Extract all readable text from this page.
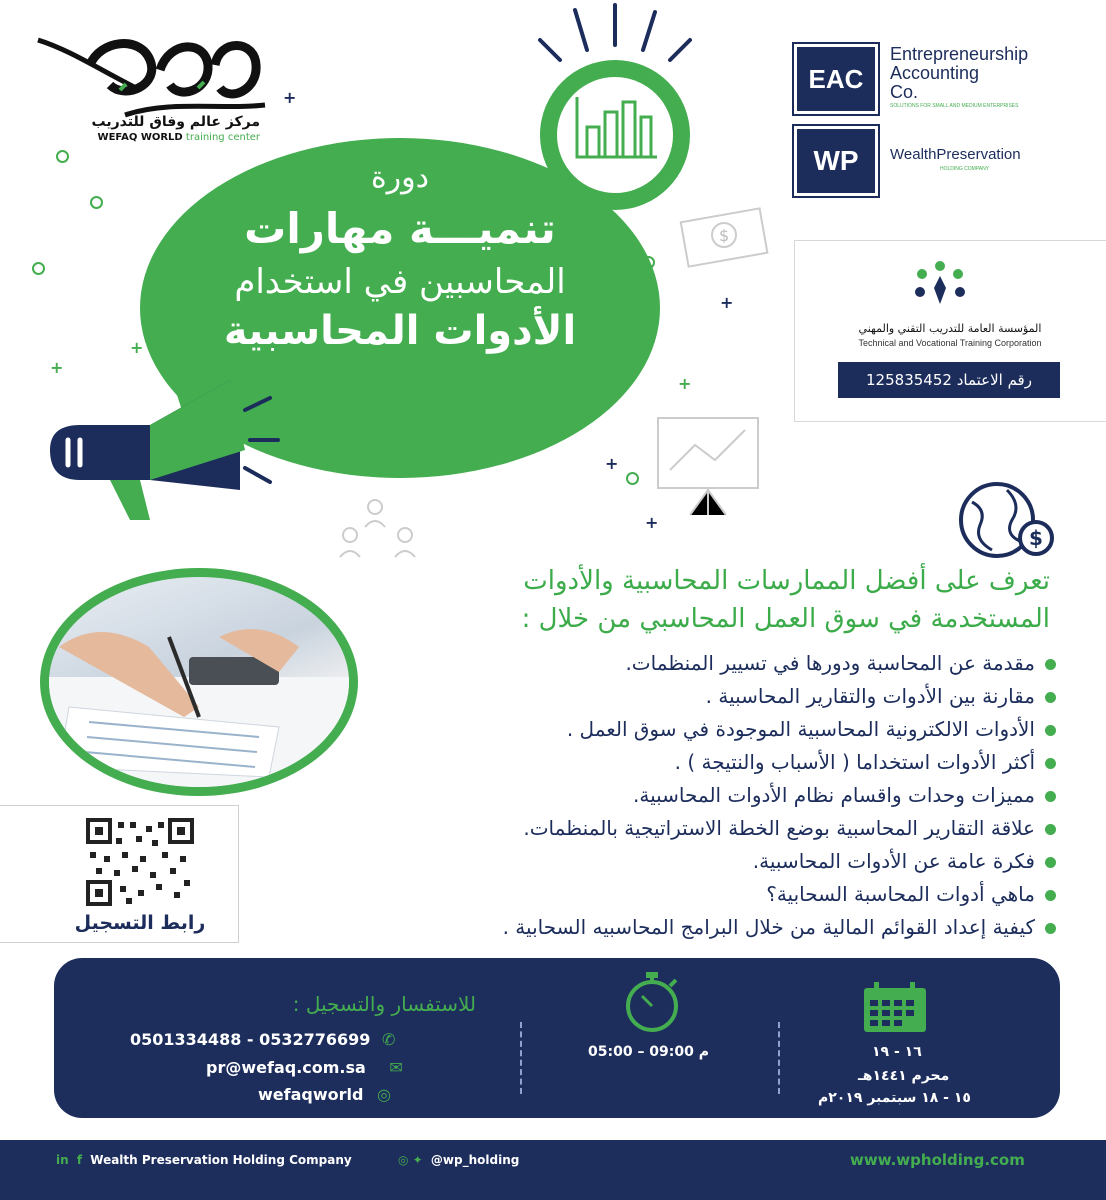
مركز عالم وفاق للتدريب
WEFAQ WORLD training center
EAC
Entrepreneurship
Accounting
Co.
SOLUTIONS FOR SMALL AND MEDIUM ENTERPRISES
WP	WealthPreservation
HOLDING COMPANY
دورة
تنميـــة مهارات
المحاسبين في استخدام
الأدوات المحاسبية
$
المؤسسة العامة للتدريب التقني والمهني
Technical and Vocational Training Corporation
رقم الاعتماد 125835452
$
تعرف على أفضل الممارسات المحاسبية والأدوات
المستخدمة في سوق العمل المحاسبي من خلال :
مقدمة عن المحاسبة ودورها في تسيير المنظمات.
مقارنة بين الأدوات والتقارير المحاسبية .
الأدوات الالكترونية المحاسبية الموجودة في سوق العمل .
أكثر الأدوات استخداما ( الأسباب والنتيجة ) .
مميزات وحدات واقسام نظام الأدوات المحاسبية.
علاقة التقارير المحاسبية بوضع الخطة الاستراتيجية بالمنظمات.
فكرة عامة عن الأدوات المحاسبية.
ماهي أدوات المحاسبة السحابية؟
كيفية إعداد القوائم المالية من خلال البرامج المحاسبيه السحابية .
رابط التسجيل
للاستفسار والتسجيل :
0501334488 - 0532776699 ✆
pr@wefaq.com.sa ✉
wefaqworld ◎
05:00 – 09:00 م	١٦ - ١٩
محرم ١٤٤١هـ
١٥ - ١٨ سبتمبر ٢٠١٩م
in f Wealth Preservation Holding Company	◎ ✦ @wp_holding	www.wpholding.com
+
+
+
+
+
+
+
